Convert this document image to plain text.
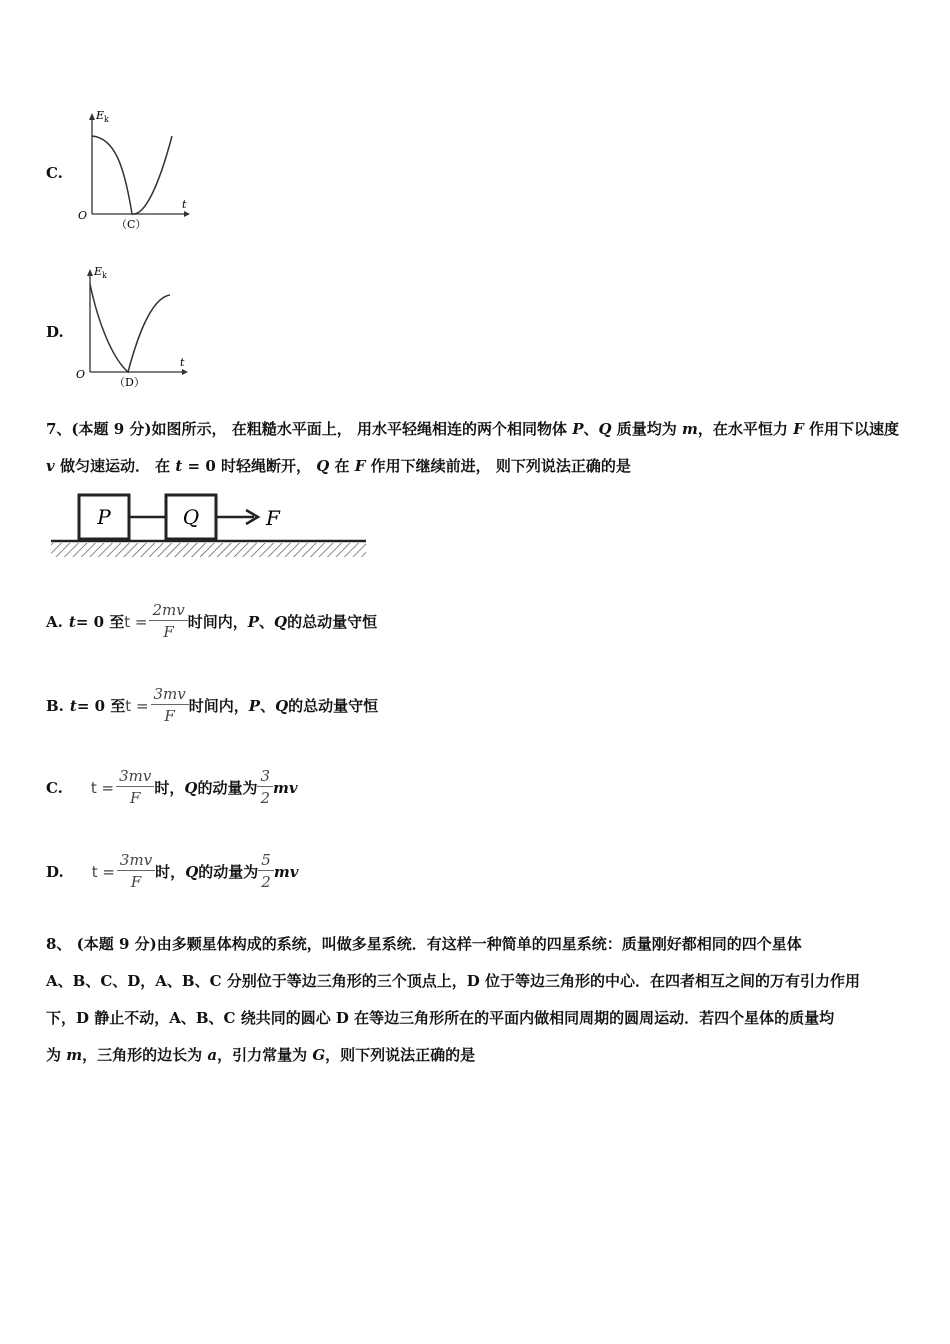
C.
E k
O
t
（C）
D.
E k
O
t
（D）
7、(本题 9 分)如图所示， 在粗糙水平面上， 用水平轻绳相连的两个相同物体 P、Q 质量均为 m，在水平恒力 F 作用下以速度 v 做匀速运动． 在 t = 0 时轻绳断开， Q 在 F 作用下继续前进， 则下列说法正确的是
P	Q	F
A. t = 0 至 $t = \frac{2mv}{F}$ 时间内， P 、 Q 的总动量守恒
B. t = 0 至 $t = \frac{3mv}{F}$ 时间内， P 、 Q 的总动量守恒
C. $t = \frac{3mv}{F}$ 时， Q 的动量为 $\frac{3}{2}$ mv
D. $t = \frac{3mv}{F}$ 时， Q 的动量为 $\frac{5}{2}$ mv
8、 (本题 9 分)由多颗星体构成的系统，叫做多星系统．有这样一种简单的四星系统：质量刚好都相同的四个星体
A、B、C、D，A、B、C 分别位于等边三角形的三个顶点上，D 位于等边三角形的中心．在四者相互之间的万有引力作用
下，D 静止不动，A、B、C 绕共同的圆心 D 在等边三角形所在的平面内做相同周期的圆周运动．若四个星体的质量均
为 m，三角形的边长为 a，引力常量为 G，则下列说法正确的是
